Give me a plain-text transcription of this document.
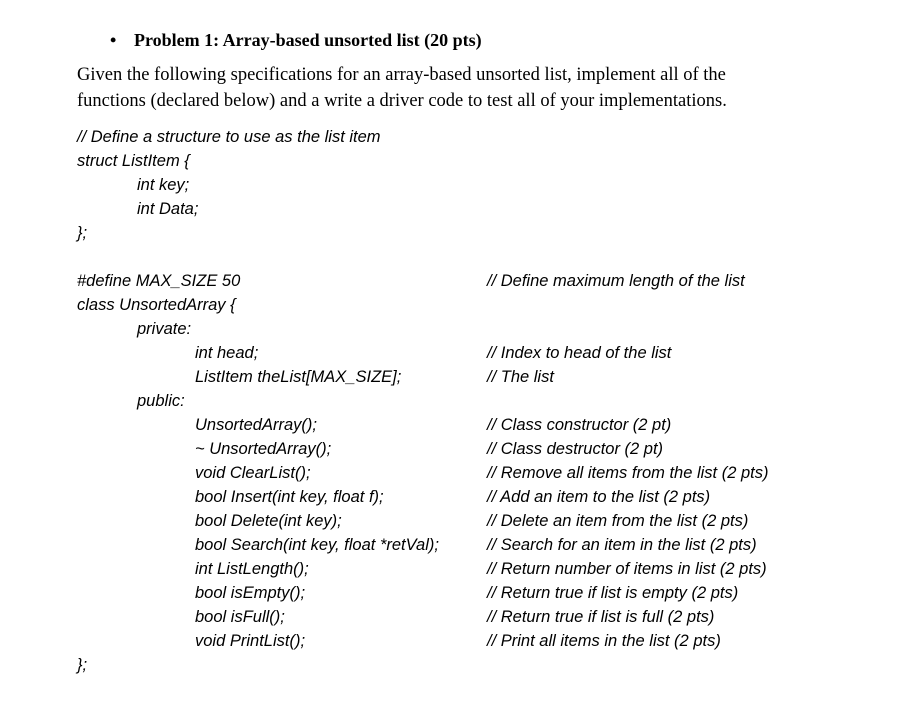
• Problem 1: Array-based unsorted list (20 pts)

Given the following specifications for an array-based unsorted list, implement all of the

functions (declared below) and a write a driver code to test all of your implementations.

// Define a structure to use as the list item
struct ListItem {
int key;
int Data;
};
#define MAX_SIZE 50	// Define maximum length of the list
class UnsortedArray {
private:
int head;	// Index to head of the list
ListItem theList[MAX_SIZE];	// The list
public:
UnsortedArray();	// Class constructor (2 pt)
~ UnsortedArray();	// Class destructor (2 pt)
void ClearList();	// Remove all items from the list (2 pts)
bool Insert(int key, float f);	// Add an item to the list (2 pts)
bool Delete(int key);	// Delete an item from the list (2 pts)
bool Search(int key, float *retVal);	// Search for an item in the list (2 pts)
int ListLength();	// Return number of items in list (2 pts)
bool isEmpty();	// Return true if list is empty (2 pts)
bool isFull();	// Return true if list is full (2 pts)
void PrintList();	// Print all items in the list (2 pts)
};
